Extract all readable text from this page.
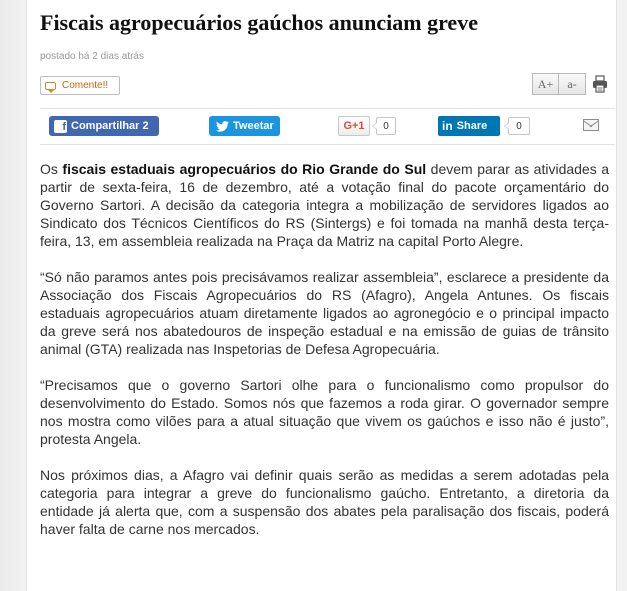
Fiscais agropecuários gaúchos anunciam greve
postado há 2 dias atrás
Comente!!	A+	a-
f Compartilhar 2	Tweetar	G+1	0	in Share	0

Os fiscais estaduais agropecuários do Rio Grande do Sul devem parar as atividades a partir de sexta-feira, 16 de dezembro, até a votação final do pacote orçamentário do Governo Sartori. A decisão da categoria integra a mobilização de servidores ligados ao Sindicato dos Técnicos Científicos do RS (Sintergs) e foi tomada na manhã desta terça-feira, 13, em assembleia realizada na Praça da Matriz na capital Porto Alegre.

“Só não paramos antes pois precisávamos realizar assembleia”, esclarece a presidente da Associação dos Fiscais Agropecuários do RS (Afagro), Angela Antunes. Os fiscais estaduais agropecuários atuam diretamente ligados ao agronegócio e o principal impacto da greve será nos abatedouros de inspeção estadual e na emissão de guias de trânsito animal (GTA) realizada nas Inspetorias de Defesa Agropecuária.

“Precisamos que o governo Sartori olhe para o funcionalismo como propulsor do desenvolvimento do Estado. Somos nós que fazemos a roda girar. O governador sempre nos mostra como vilões para a atual situação que vivem os gaúchos e isso não é justo”, protesta Angela.

Nos próximos dias, a Afagro vai definir quais serão as medidas a serem adotadas pela categoria para integrar a greve do funcionalismo gaúcho. Entretanto, a diretoria da entidade já alerta que, com a suspensão dos abates pela paralisação dos fiscais, poderá haver falta de carne nos mercados.
